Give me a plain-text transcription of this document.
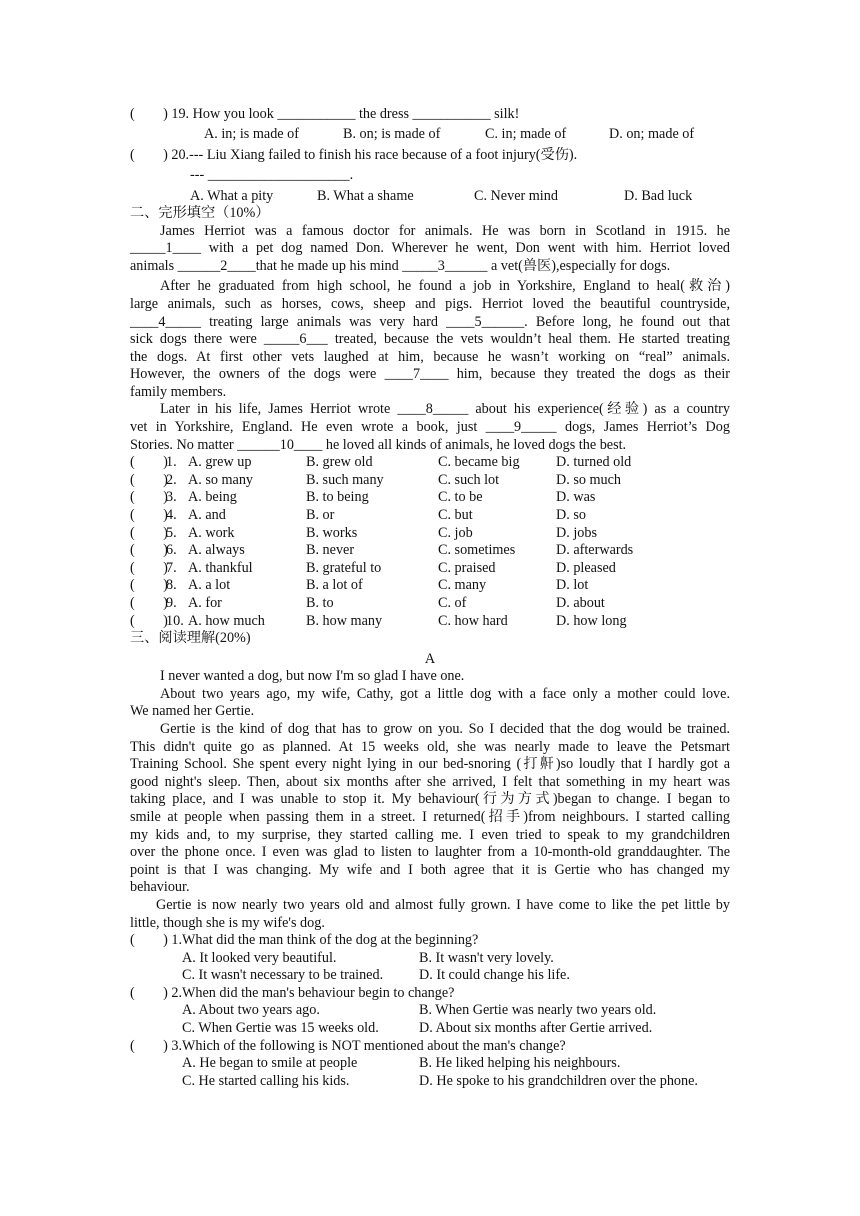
(        ) 19. How you look ___________ the dress ___________ silk!
A. in; is made of	B. on; is made of	C. in; made of	D. on; made of
(        ) 20.--- Liu Xiang failed to finish his race because of a foot injury(受伤).
--- ____________________.
A. What a pity	B. What a shame	C. Never mind	D. Bad luck
二、完形填空（10%）
James Herriot was a famous doctor for animals. He was born in Scotland in 1915. he
_____1____ with a pet dog named Don. Wherever he went, Don went with him. Herriot loved
animals ______2____that he made up his mind _____3______ a vet(兽医),especially for dogs.
After he graduated from high school, he found a job in Yorkshire, England to heal(救治)
large animals, such as horses, cows, sheep and pigs. Herriot loved the beautiful countryside,
____4_____ treating large animals was very hard ____5______. Before long, he found out that
sick dogs there were _____6___ treated, because the vets wouldn’t heal them. He started treating
the dogs. At first other vets laughed at him, because he wasn’t working on “real” animals.
However, the owners of the dogs were ____7____ him, because they treated the dogs as their
family members.
Later in his life, James Herriot wrote ____8_____ about his experience(经验) as a country
vet in Yorkshire, England. He even wrote a book, just ____9_____ dogs, James Herriot’s Dog
Stories. No matter ______10____ he loved all kinds of animals, he loved dogs the best.
(        )
1. A. grew up	B. grew old	C. became big	D. turned old
(        )
2. A. so many	B. such many	C. such lot	D. so much
(        )
3. A. being	B. to being	C. to be	D. was
(        )
4. A. and	B. or	C. but	D. so
(        )
5. A. work	B. works	C. job	D. jobs
(        )
6. A. always	B. never	C. sometimes	D. afterwards
(        )
7. A. thankful	B. grateful to	C. praised	D. pleased
(        )
8. A. a lot	B. a lot of	C. many	D. lot
(        )
9. A. for	B. to	C. of	D. about
(        )
10. A. how much	B. how many	C. how hard	D. how long
三、阅读理解(20%)
A
I never wanted a dog, but now I'm so glad I have one.
About two years ago, my wife, Cathy, got a little dog with a face only a mother could love.
We named her Gertie.
Gertie is the kind of dog that has to grow on you. So I decided that the dog would be trained.
This didn't quite go as planned. At 15 weeks old, she was nearly made to leave the Petsmart
Training School. She spent every night lying in our bed-snoring (打鼾)so loudly that I hardly got a
good night's sleep. Then, about six months after she arrived, I felt that something in my heart was
taking place, and I was unable to stop it. My behaviour(行为方式)began to change. I began to
smile at people when passing them in a street. I returned(招手)from neighbours. I started calling
my kids and, to my surprise, they started calling me. I even tried to speak to my grandchildren
over the phone once. I even was glad to listen to laughter from a 10-month-old granddaughter. The
point is that I was changing. My wife and I both agree that it is Gertie who has changed my
behaviour.
Gertie is now nearly two years old and almost fully grown. I have come to like the pet little by
little, though she is my wife's dog.
(        ) 1.What did the man think of the dog at the beginning?
A. It looked very beautiful.	B. It wasn't very lovely.
C. It wasn't necessary to be trained.	D. It could change his life.
(        ) 2.When did the man's behaviour begin to change?
A. About two years ago.	B. When Gertie was nearly two years old.
C. When Gertie was 15 weeks old.	D. About six months after Gertie arrived.
(        ) 3.Which of the following is NOT mentioned about the man's change?
A. He began to smile at people	B. He liked helping his neighbours.
C. He started calling his kids.	D. He spoke to his grandchildren over the phone.
